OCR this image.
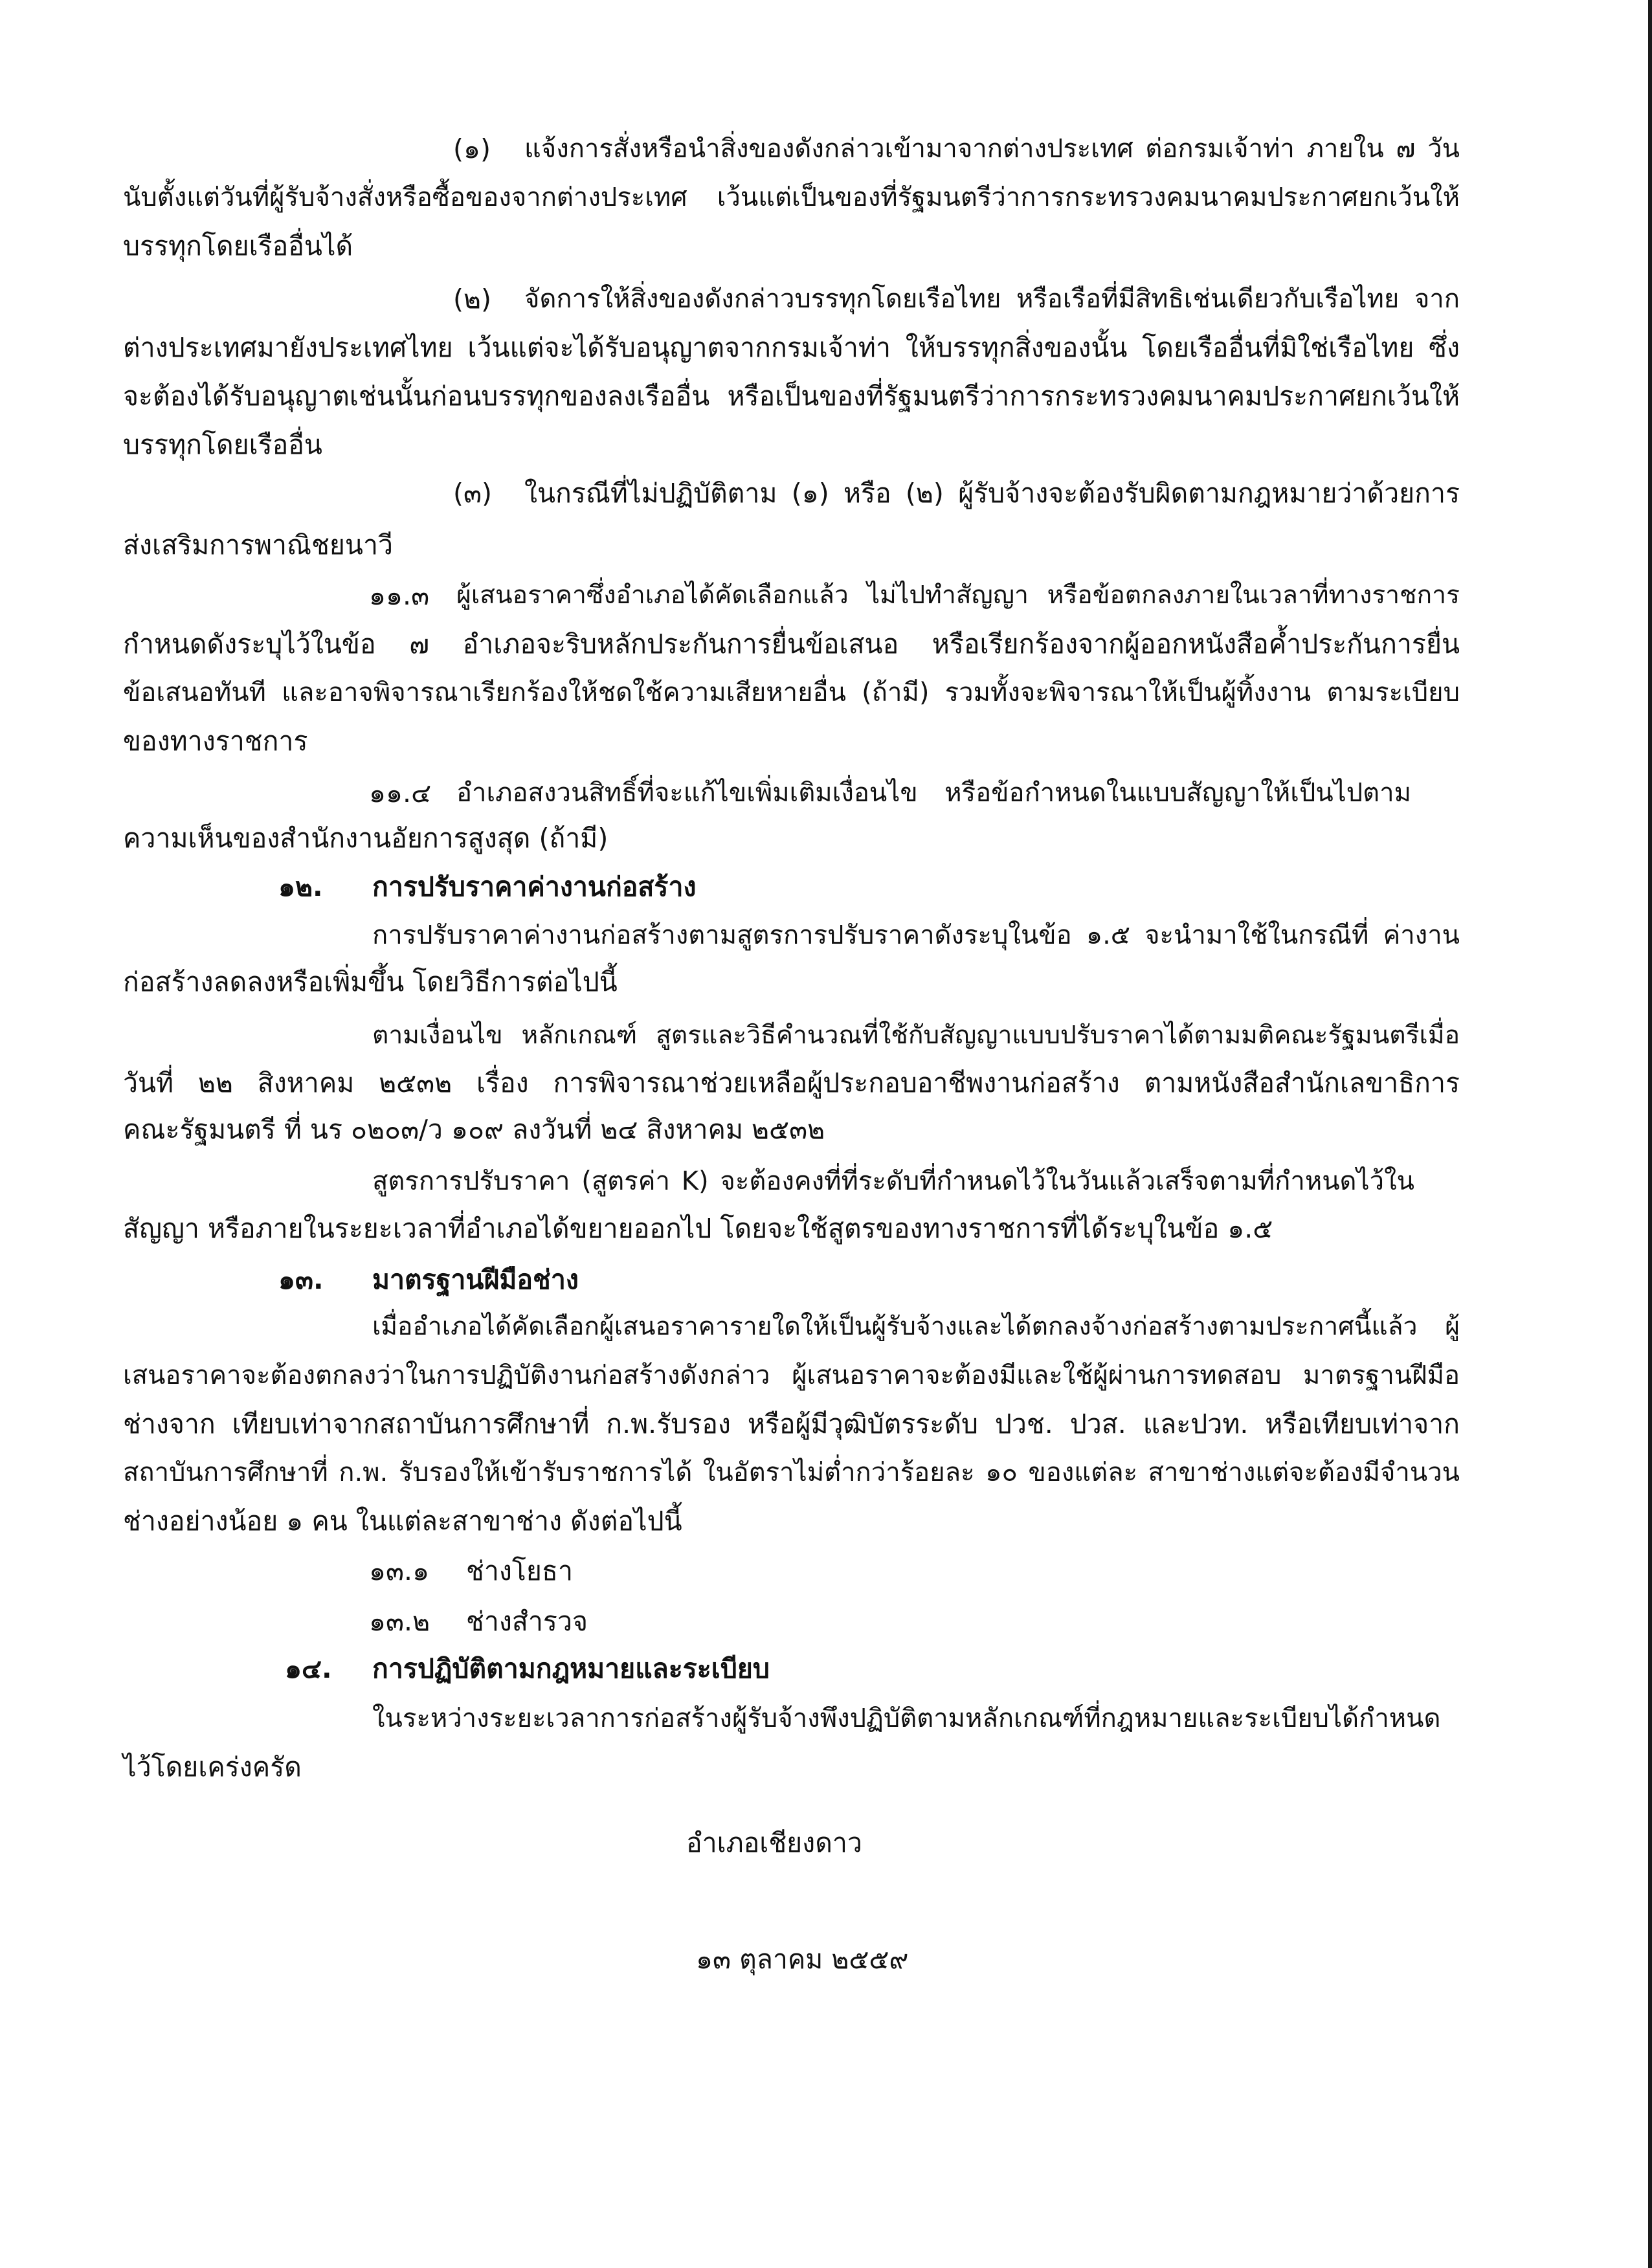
(๑) แจ้งการสั่งหรือนำสิ่งของดังกล่าวเข้ามาจากต่างประเทศ ต่อกรมเจ้าท่า ภายใน ๗ วัน
นับตั้งแต่วันที่ผู้รับจ้างสั่งหรือซื้อของจากต่างประเทศ เว้นแต่เป็นของที่รัฐมนตรีว่าการกระทรวงคมนาคมประกาศยกเว้นให้
บรรทุกโดยเรืออื่นได้
(๒) จัดการให้สิ่งของดังกล่าวบรรทุกโดยเรือไทย หรือเรือที่มีสิทธิเช่นเดียวกับเรือไทย จาก
ต่างประเทศมายังประเทศไทย เว้นแต่จะได้รับอนุญาตจากกรมเจ้าท่า ให้บรรทุกสิ่งของนั้น โดยเรืออื่นที่มิใช่เรือไทย ซึ่ง
จะต้องได้รับอนุญาตเช่นนั้นก่อนบรรทุกของลงเรืออื่น หรือเป็นของที่รัฐมนตรีว่าการกระทรวงคมนาคมประกาศยกเว้นให้
บรรทุกโดยเรืออื่น
(๓) ในกรณีที่ไม่ปฏิบัติตาม (๑) หรือ (๒) ผู้รับจ้างจะต้องรับผิดตามกฎหมายว่าด้วยการ
ส่งเสริมการพาณิชยนาวี
๑๑.๓ ผู้เสนอราคาซึ่งอำเภอได้คัดเลือกแล้ว ไม่ไปทำสัญญา หรือข้อตกลงภายในเวลาที่ทางราชการ
กำหนดดังระบุไว้ในข้อ ๗ อำเภอจะริบหลักประกันการยื่นข้อเสนอ หรือเรียกร้องจากผู้ออกหนังสือค้ำประกันการยื่น
ข้อเสนอทันที และอาจพิจารณาเรียกร้องให้ชดใช้ความเสียหายอื่น (ถ้ามี) รวมทั้งจะพิจารณาให้เป็นผู้ทิ้งงาน ตามระเบียบ
ของทางราชการ
๑๑.๔ อำเภอสงวนสิทธิ์ที่จะแก้ไขเพิ่มเติมเงื่อนไข หรือข้อกำหนดในแบบสัญญาให้เป็นไปตาม
ความเห็นของสำนักงานอัยการสูงสุด (ถ้ามี)
๑๒. การปรับราคาค่างานก่อสร้าง
การปรับราคาค่างานก่อสร้างตามสูตรการปรับราคาดังระบุในข้อ ๑.๕ จะนำมาใช้ในกรณีที่ ค่างาน
ก่อสร้างลดลงหรือเพิ่มขึ้น โดยวิธีการต่อไปนี้
ตามเงื่อนไข หลักเกณฑ์ สูตรและวิธีคำนวณที่ใช้กับสัญญาแบบปรับราคาได้ตามมติคณะรัฐมนตรีเมื่อ
วันที่ ๒๒ สิงหาคม ๒๕๓๒ เรื่อง การพิจารณาช่วยเหลือผู้ประกอบอาชีพงานก่อสร้าง ตามหนังสือสำนักเลขาธิการ
คณะรัฐมนตรี ที่ นร ๐๒๐๓/ว ๑๐๙ ลงวันที่ ๒๔ สิงหาคม ๒๕๓๒
สูตรการปรับราคา (สูตรค่า K) จะต้องคงที่ที่ระดับที่กำหนดไว้ในวันแล้วเสร็จตามที่กำหนดไว้ใน
สัญญา หรือภายในระยะเวลาที่อำเภอได้ขยายออกไป โดยจะใช้สูตรของทางราชการที่ได้ระบุในข้อ ๑.๕
๑๓. มาตรฐานฝีมือช่าง
เมื่ออำเภอได้คัดเลือกผู้เสนอราคารายใดให้เป็นผู้รับจ้างและได้ตกลงจ้างก่อสร้างตามประกาศนี้แล้ว ผู้
เสนอราคาจะต้องตกลงว่าในการปฏิบัติงานก่อสร้างดังกล่าว ผู้เสนอราคาจะต้องมีและใช้ผู้ผ่านการทดสอบ มาตรฐานฝีมือ
ช่างจาก เทียบเท่าจากสถาบันการศึกษาที่ ก.พ.รับรอง หรือผู้มีวุฒิบัตรระดับ ปวช. ปวส. และปวท. หรือเทียบเท่าจาก
สถาบันการศึกษาที่ ก.พ. รับรองให้เข้ารับราชการได้ ในอัตราไม่ต่ำกว่าร้อยละ ๑๐ ของแต่ละ สาขาช่างแต่จะต้องมีจำนวน
ช่างอย่างน้อย ๑ คน ในแต่ละสาขาช่าง ดังต่อไปนี้
๑๓.๑ ช่างโยธา
๑๓.๒ ช่างสำรวจ
๑๔. การปฏิบัติตามกฎหมายและระเบียบ
ในระหว่างระยะเวลาการก่อสร้างผู้รับจ้างพึงปฏิบัติตามหลักเกณฑ์ที่กฎหมายและระเบียบได้กำหนด
ไว้โดยเคร่งครัด
อำเภอเชียงดาว
๑๓ ตุลาคม ๒๕๕๙
